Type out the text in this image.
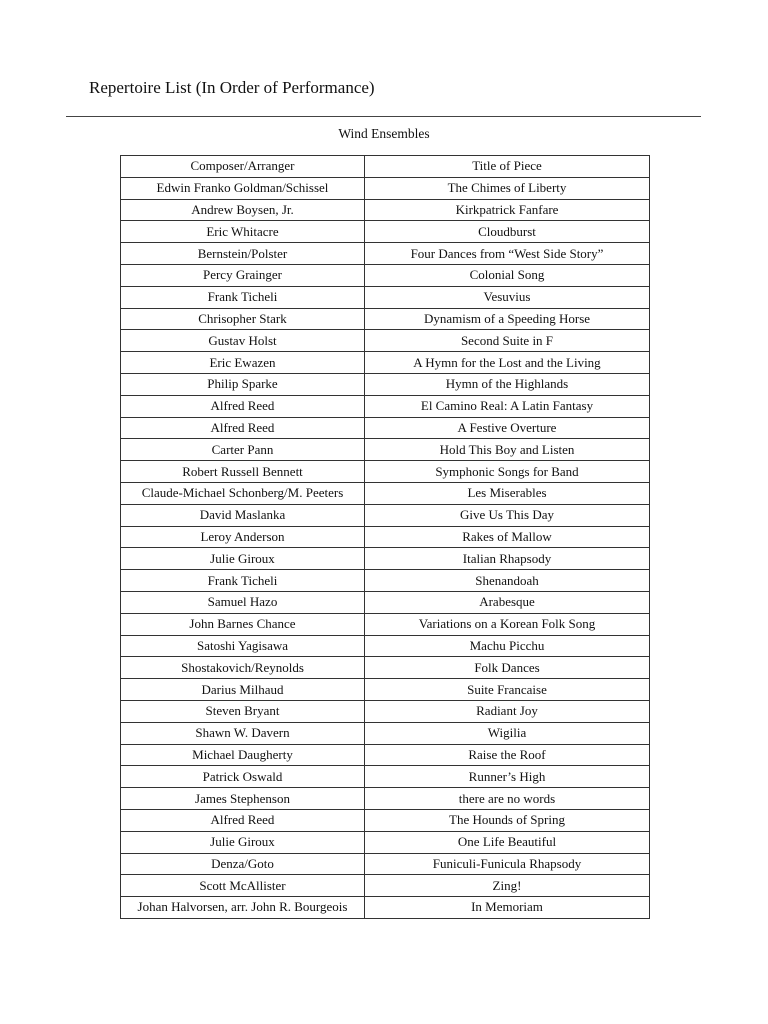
Repertoire List (In Order of Performance)
Wind Ensembles
Composer/Arranger	Title of Piece
Edwin Franko Goldman/Schissel	The Chimes of Liberty
Andrew Boysen, Jr.	Kirkpatrick Fanfare
Eric Whitacre	Cloudburst
Bernstein/Polster	Four Dances from “West Side Story”
Percy Grainger	Colonial Song
Frank Ticheli	Vesuvius
Chrisopher Stark	Dynamism of a Speeding Horse
Gustav Holst	Second Suite in F
Eric Ewazen	A Hymn for the Lost and the Living
Philip Sparke	Hymn of the Highlands
Alfred Reed	El Camino Real: A Latin Fantasy
Alfred Reed	A Festive Overture
Carter Pann	Hold This Boy and Listen
Robert Russell Bennett	Symphonic Songs for Band
Claude-Michael Schonberg/M. Peeters	Les Miserables
David Maslanka	Give Us This Day
Leroy Anderson	Rakes of Mallow
Julie Giroux	Italian Rhapsody
Frank Ticheli	Shenandoah
Samuel Hazo	Arabesque
John Barnes Chance	Variations on a Korean Folk Song
Satoshi Yagisawa	Machu Picchu
Shostakovich/Reynolds	Folk Dances
Darius Milhaud	Suite Francaise
Steven Bryant	Radiant Joy
Shawn W. Davern	Wigilia
Michael Daugherty	Raise the Roof
Patrick Oswald	Runner’s High
James Stephenson	there are no words
Alfred Reed	The Hounds of Spring
Julie Giroux	One Life Beautiful
Denza/Goto	Funiculi-Funicula Rhapsody
Scott McAllister	Zing!
Johan Halvorsen, arr. John R. Bourgeois	In Memoriam
